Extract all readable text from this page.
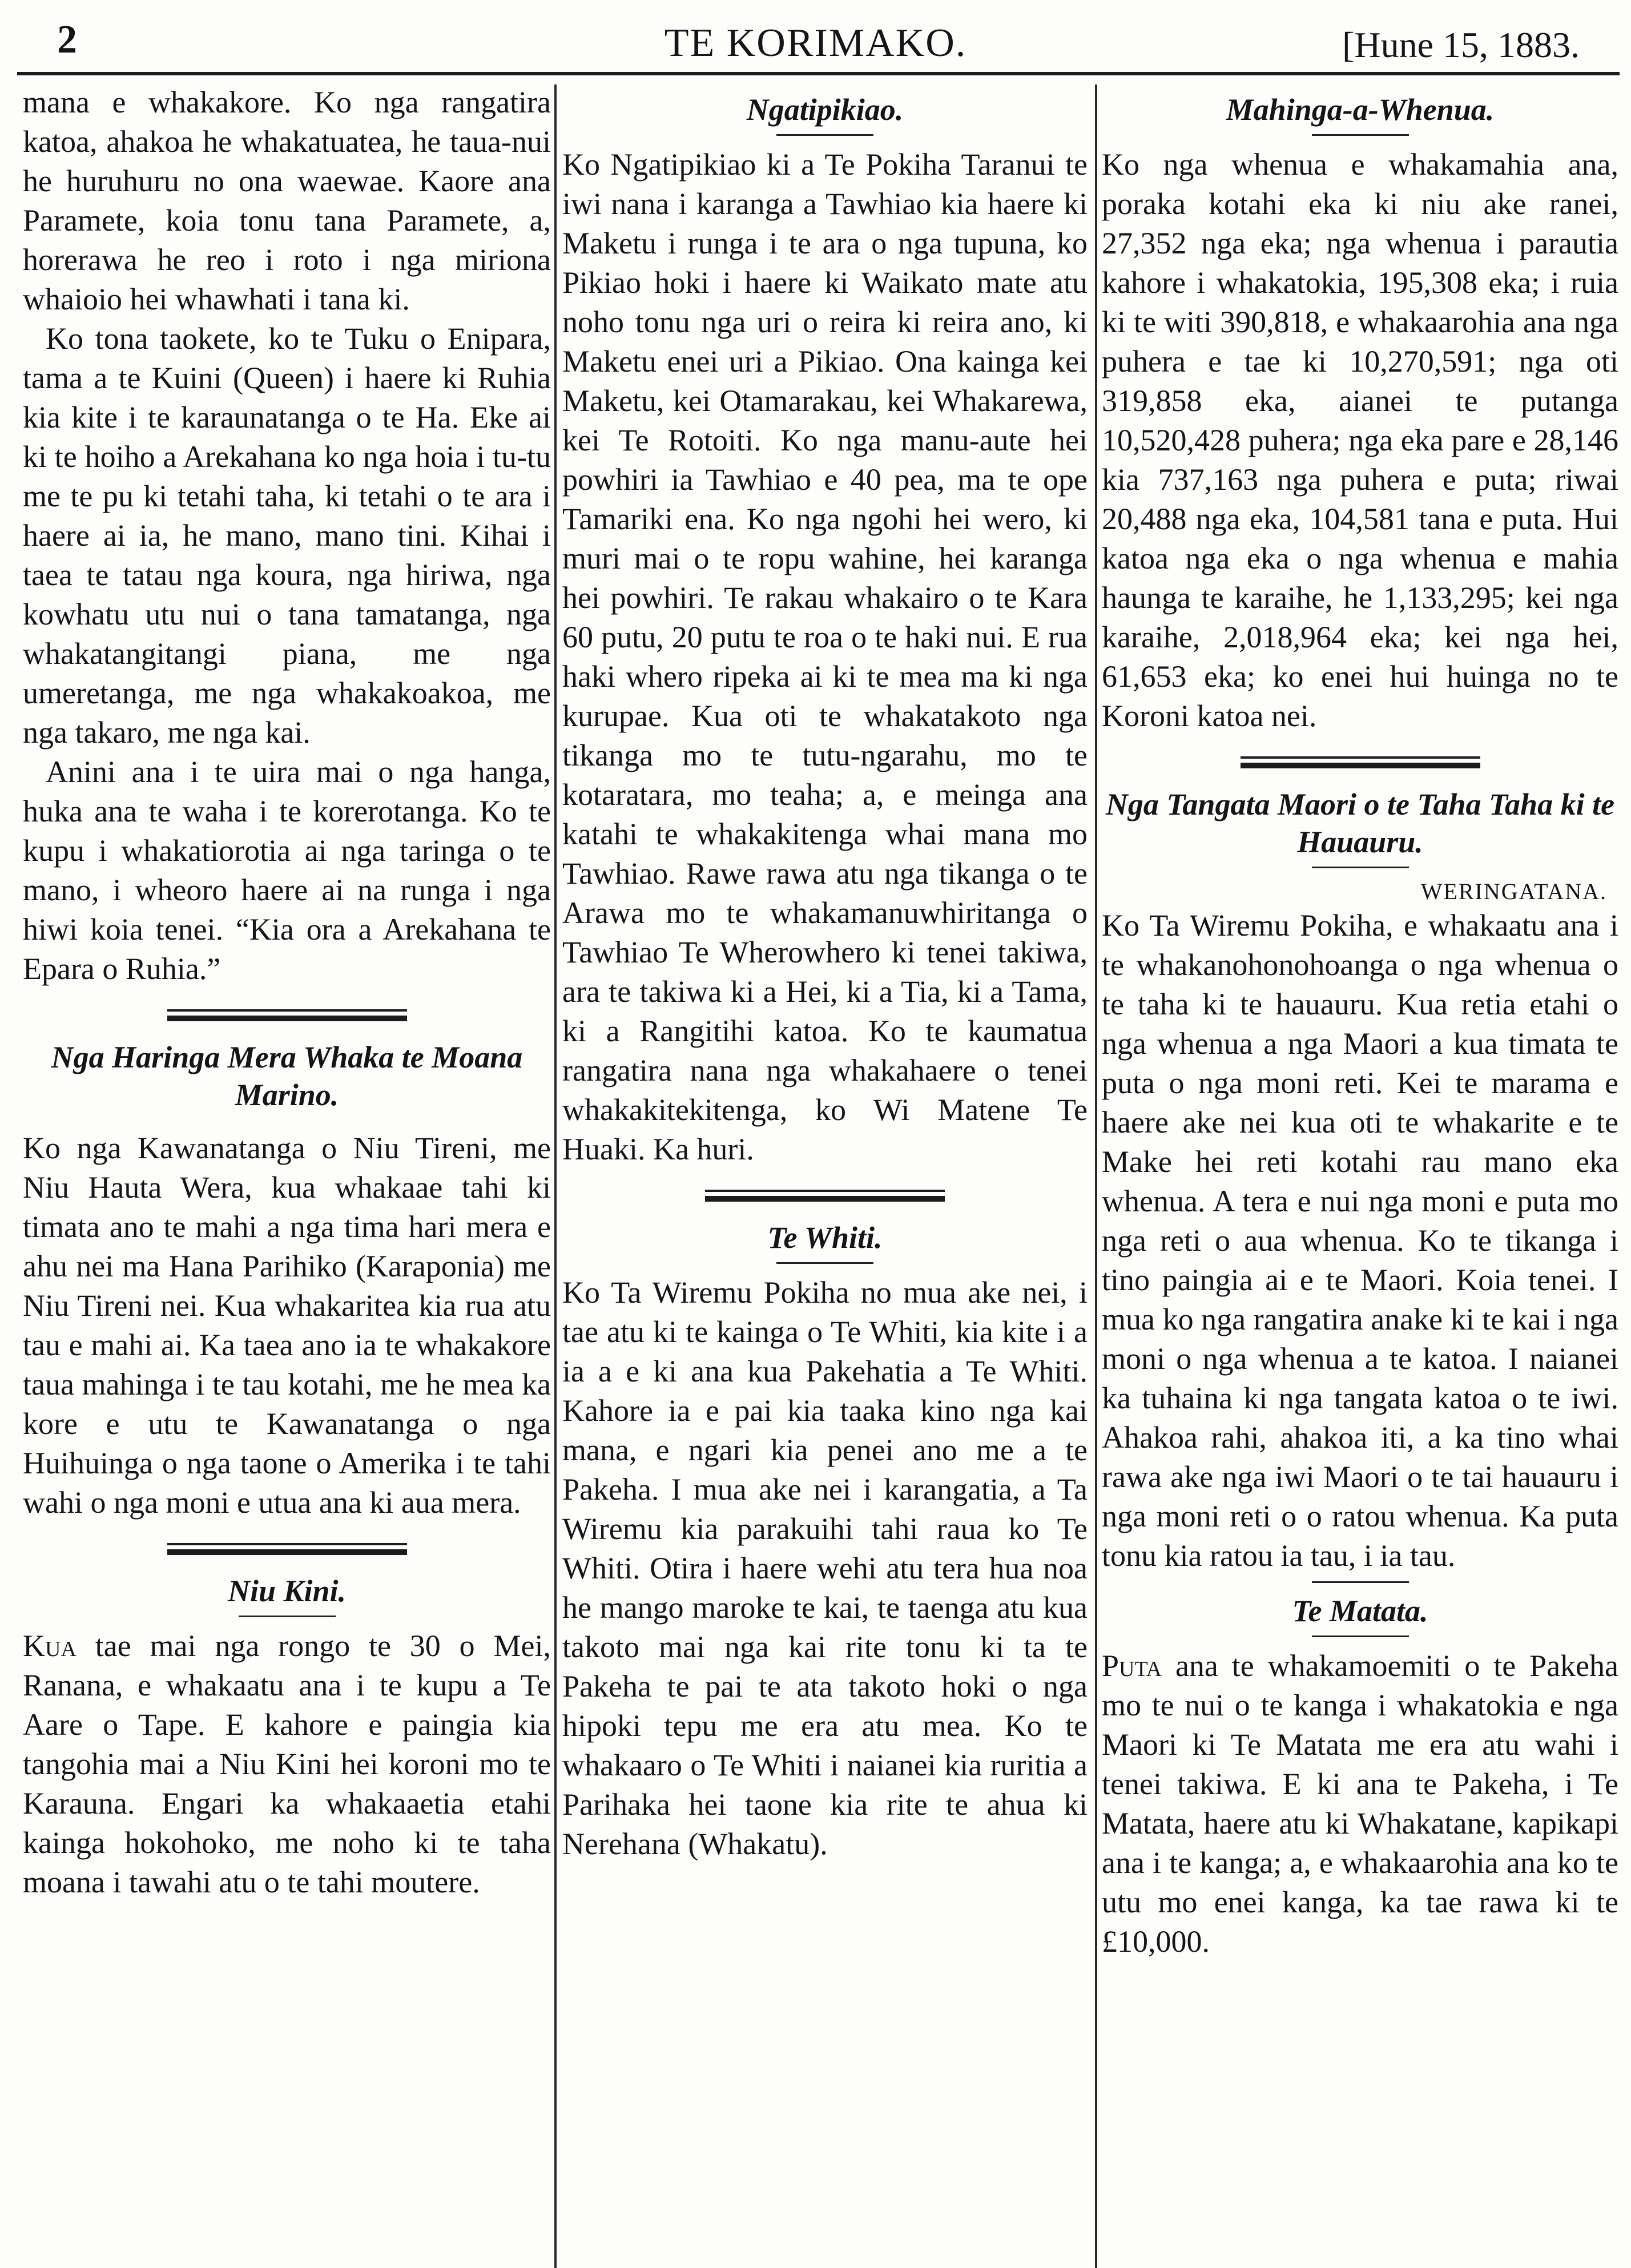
2	TE KORIMAKO.	[Hune 15, 1883.

mana e whakakore. Ko nga rangatira katoa, ahakoa he whakatuatea, he taua-nui he huruhuru no ona waewae. Kaore ana Paramete, koia tonu tana Paramete, a, horerawa he reo i roto i nga miriona whaioio hei whawhati i tana ki.

Ko tona taokete, ko te Tuku o Enipara, tama a te Kuini (Queen) i haere ki Ruhia kia kite i te karaunatanga o te Ha. Eke ai ki te hoiho a Arekahana ko nga hoia i tu-tu me te pu ki tetahi taha, ki tetahi o te ara i haere ai ia, he mano, mano tini. Kihai i taea te tatau nga koura, nga hiriwa, nga kowhatu utu nui o tana tamatanga, nga whakatangitangi piana, me nga umeretanga, me nga whakakoakoa, me nga takaro, me nga kai.

Anini ana i te uira mai o nga hanga, huka ana te waha i te korerotanga. Ko te kupu i whakatiorotia ai nga taringa o te mano, i wheoro haere ai na runga i nga hiwi koia tenei. “Kia ora a Arekahana te Epara o Ruhia.”

Nga Haringa Mera Whaka te Moana Marino.

Ko nga Kawanatanga o Niu Tireni, me Niu Hauta Wera, kua whakaae tahi ki timata ano te mahi a nga tima hari mera e ahu nei ma Hana Parihiko (Karaponia) me Niu Tireni nei. Kua whakaritea kia rua atu tau e mahi ai. Ka taea ano ia te whakakore taua mahinga i te tau kotahi, me he mea ka kore e utu te Kawanatanga o nga Huihuinga o nga taone o Amerika i te tahi wahi o nga moni e utua ana ki aua mera.

Niu Kini.

Kua tae mai nga rongo te 30 o Mei, Ranana, e whakaatu ana i te kupu a Te Aare o Tape. E kahore e paingia kia tangohia mai a Niu Kini hei koroni mo te Karauna. Engari ka whakaaetia etahi kainga hokohoko, me noho ki te taha moana i tawahi atu o te tahi moutere.

Ngatipikiao.

Ko Ngatipikiao ki a Te Pokiha Taranui te iwi nana i karanga a Tawhiao kia haere ki Maketu i runga i te ara o nga tupuna, ko Pikiao hoki i haere ki Waikato mate atu noho tonu nga uri o reira ki reira ano, ki Maketu enei uri a Pikiao. Ona kainga kei Maketu, kei Otamarakau, kei Whakarewa, kei Te Rotoiti. Ko nga manu-aute hei powhiri ia Tawhiao e 40 pea, ma te ope Tamariki ena. Ko nga ngohi hei wero, ki muri mai o te ropu wahine, hei karanga hei powhiri. Te rakau whakairo o te Kara 60 putu, 20 putu te roa o te haki nui. E rua haki whero ripeka ai ki te mea ma ki nga kurupae. Kua oti te whakatakoto nga tikanga mo te tutu-ngarahu, mo te kotaratara, mo teaha; a, e meinga ana katahi te whakakitenga whai mana mo Tawhiao. Rawe rawa atu nga tikanga o te Arawa mo te whakamanuwhiritanga o Tawhiao Te Wherowhero ki tenei takiwa, ara te takiwa ki a Hei, ki a Tia, ki a Tama, ki a Rangitihi katoa. Ko te kaumatua rangatira nana nga whakahaere o tenei whakakitekitenga, ko Wi Matene Te Huaki. Ka huri.

Te Whiti.

Ko Ta Wiremu Pokiha no mua ake nei, i tae atu ki te kainga o Te Whiti, kia kite i a ia a e ki ana kua Pakehatia a Te Whiti. Kahore ia e pai kia taaka kino nga kai mana, e ngari kia penei ano me a te Pakeha. I mua ake nei i karangatia, a Ta Wiremu kia parakuihi tahi raua ko Te Whiti. Otira i haere wehi atu tera hua noa he mango maroke te kai, te taenga atu kua takoto mai nga kai rite tonu ki ta te Pakeha te pai te ata takoto hoki o nga hipoki tepu me era atu mea. Ko te whakaaro o Te Whiti i naianei kia ruritia a Parihaka hei taone kia rite te ahua ki Nerehana (Whakatu).

Mahinga-a-Whenua.

Ko nga whenua e whakamahia ana, poraka kotahi eka ki niu ake ranei, 27,352 nga eka; nga whenua i parautia kahore i whakatokia, 195,308 eka; i ruia ki te witi 390,818, e whakaarohia ana nga puhera e tae ki 10,270,591; nga oti 319,858 eka, aianei te putanga 10,520,428 puhera; nga eka pare e 28,146 kia 737,163 nga puhera e puta; riwai 20,488 nga eka, 104,581 tana e puta. Hui katoa nga eka o nga whenua e mahia haunga te karaihe, he 1,133,295; kei nga karaihe, 2,018,964 eka; kei nga hei, 61,653 eka; ko enei hui huinga no te Koroni katoa nei.

Nga Tangata Maori o te Taha Taha ki te Hauauru.
WERINGATANA.

Ko Ta Wiremu Pokiha, e whakaatu ana i te whakanohonohoanga o nga whenua o te taha ki te hauauru. Kua retia etahi o nga whenua a nga Maori a kua timata te puta o nga moni reti. Kei te marama e haere ake nei kua oti te whakarite e te Make hei reti kotahi rau mano eka whenua. A tera e nui nga moni e puta mo nga reti o aua whenua. Ko te tikanga i tino paingia ai e te Maori. Koia tenei. I mua ko nga rangatira anake ki te kai i nga moni o nga whenua a te katoa. I naianei ka tuhaina ki nga tangata katoa o te iwi. Ahakoa rahi, ahakoa iti, a ka tino whai rawa ake nga iwi Maori o te tai hauauru i nga moni reti o o ratou whenua. Ka puta tonu kia ratou ia tau, i ia tau.

Te Matata.

Puta ana te whakamoemiti o te Pakeha mo te nui o te kanga i whakatokia e nga Maori ki Te Matata me era atu wahi i tenei takiwa. E ki ana te Pakeha, i Te Matata, haere atu ki Whakatane, kapikapi ana i te kanga; a, e whakaarohia ana ko te utu mo enei kanga, ka tae rawa ki te £10,000.
